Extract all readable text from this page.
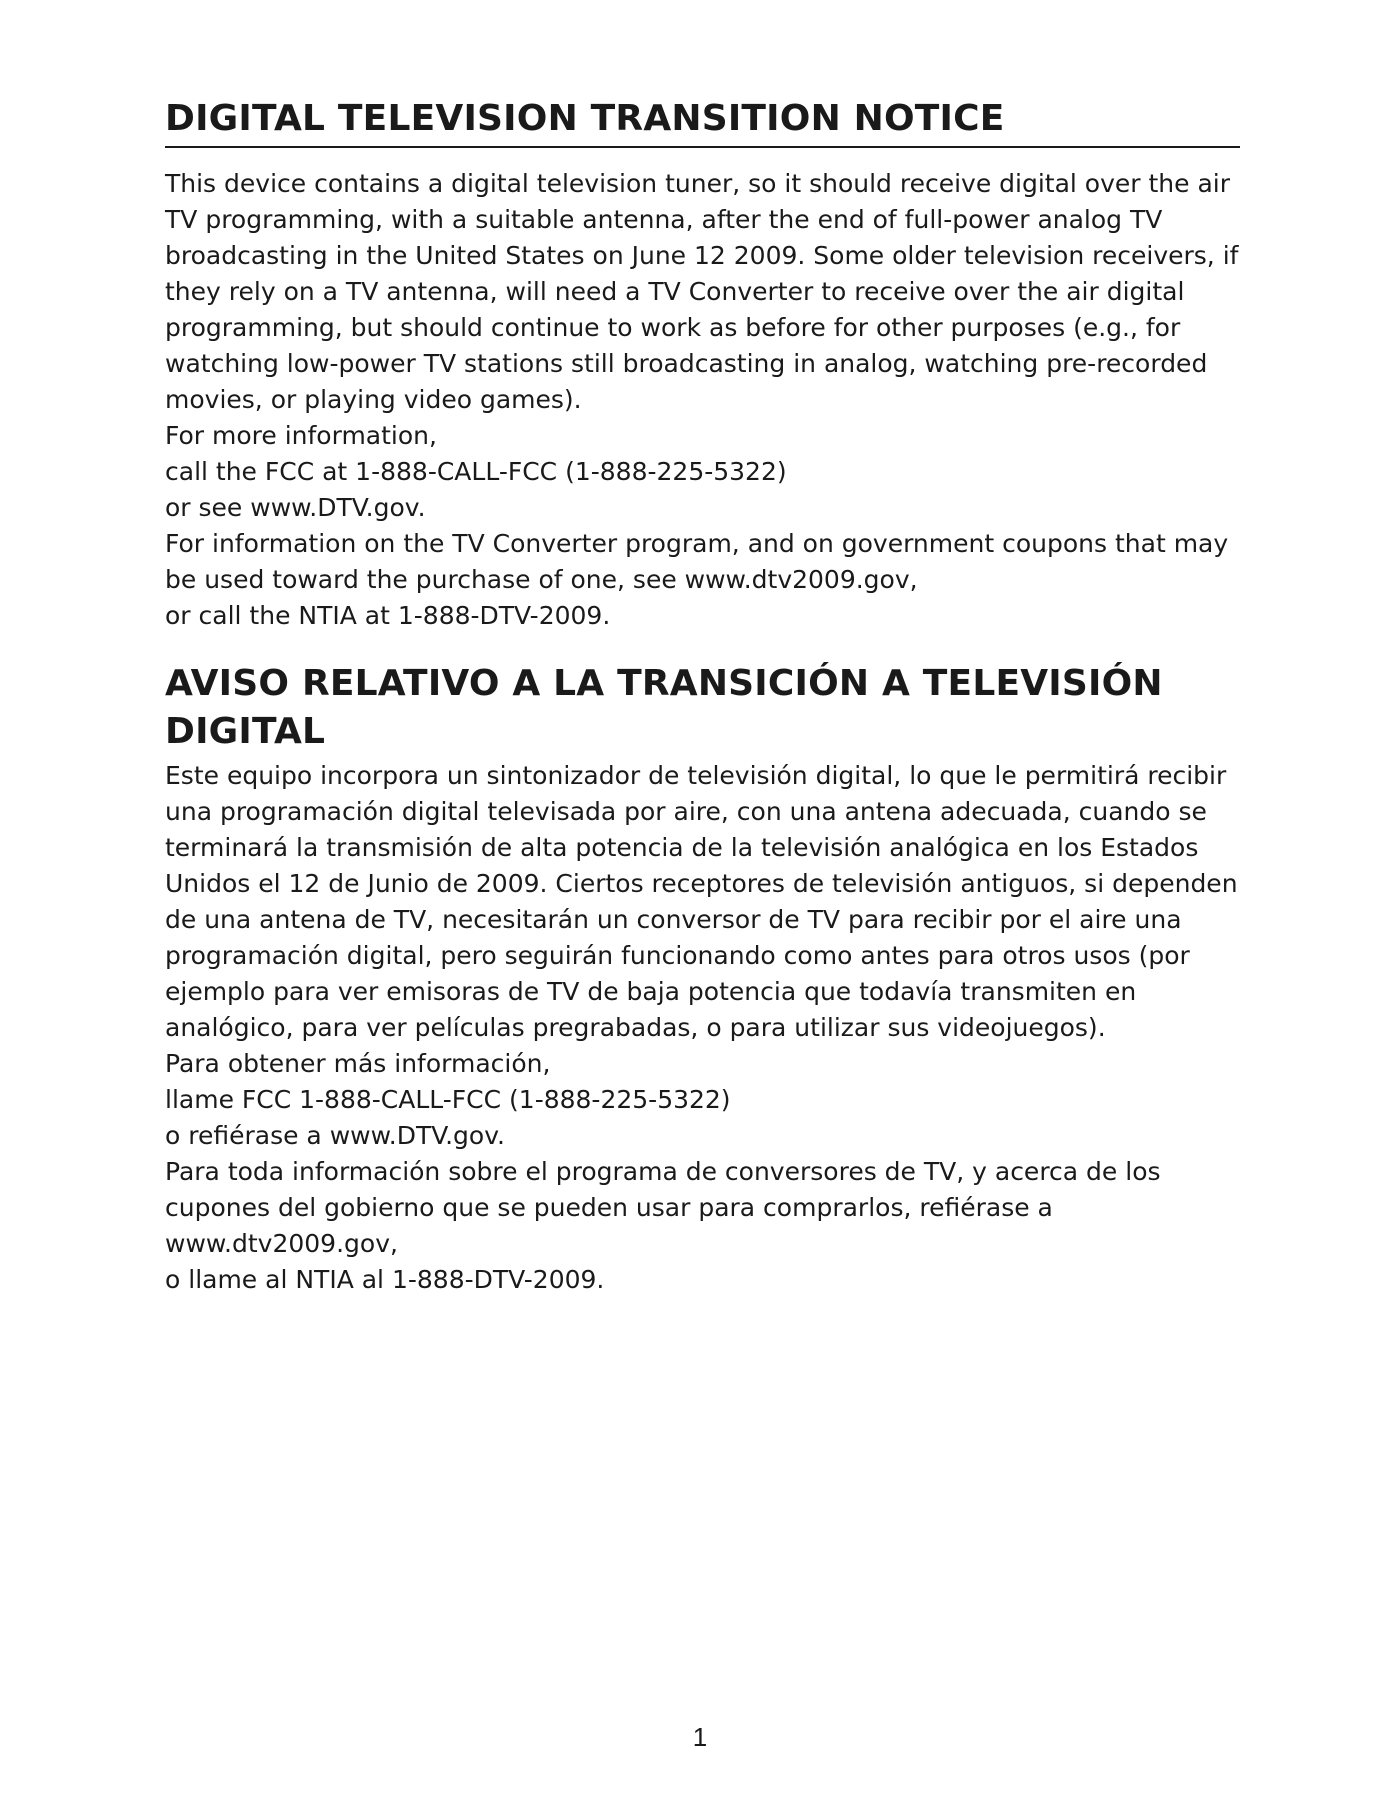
DIGITAL TELEVISION TRANSITION NOTICE

This device contains a digital television tuner, so it should receive digital over the air TV programming, with a suitable antenna, after the end of full-power analog TV broadcasting in the United States on June 12 2009. Some older television receivers, if they rely on a TV antenna, will need a TV Converter to receive over the air digital programming, but should continue to work as before for other purposes (e.g., for watching low-power TV stations still broadcasting in analog, watching pre-recorded movies, or playing video games).

For more information,

call the FCC at 1-888-CALL-FCC (1-888-225-5322)

or see www.DTV.gov.

For information on the TV Converter program, and on government coupons that may be used toward the purchase of one, see www.dtv2009.gov,

or call the NTIA at 1-888-DTV-2009.

AVISO RELATIVO A LA TRANSICIÓN A TELEVISIÓN DIGITAL

Este equipo incorpora un sintonizador de televisión digital, lo que le permitirá recibir una programación digital televisada por aire, con una antena adecuada, cuando se terminará la transmisión de alta potencia de la televisión analógica en los Estados Unidos el 12 de Junio de 2009. Ciertos receptores de televisión antiguos, si dependen de una antena de TV, necesitarán un conversor de TV para recibir por el aire una programación digital, pero seguirán funcionando como antes para otros usos (por ejemplo para ver emisoras de TV de baja potencia que todavía transmiten en analógico, para ver películas pregrabadas, o para utilizar sus videojuegos).

Para obtener más información,

llame FCC 1-888-CALL-FCC (1-888-225-5322)

o refiérase a www.DTV.gov.

Para toda información sobre el programa de conversores de TV, y acerca de los cupones del gobierno que se pueden usar para comprarlos, refiérase a www.dtv2009.gov,

o llame al NTIA al 1-888-DTV-2009.

1
